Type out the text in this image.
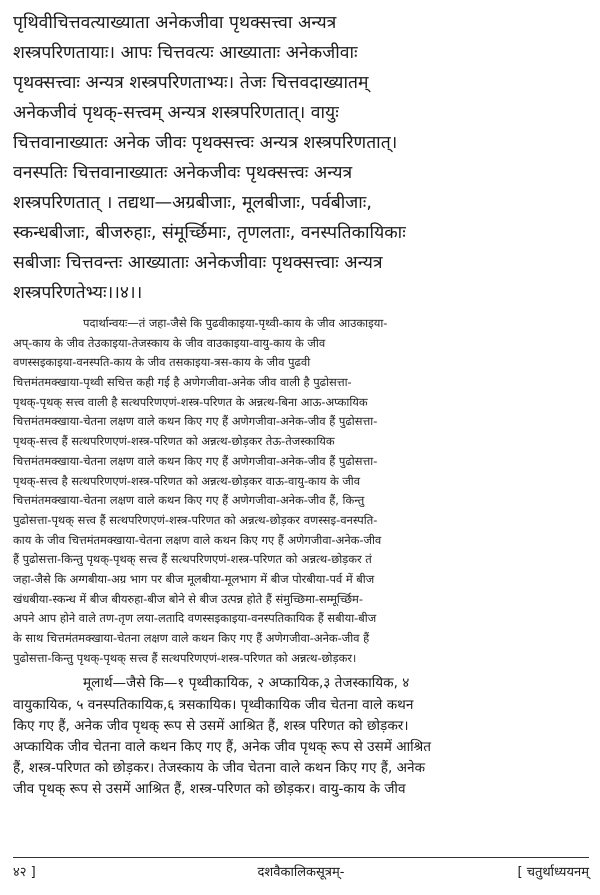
पृथिवीचित्तवत्याख्याता अनेकजीवा पृथक्सत्त्वा अन्यत्र
शस्त्रपरिणतायाः। आपः चित्तवत्यः आख्याताः अनेकजीवाः
पृथक्सत्त्वाः अन्यत्र शस्त्रपरिणताभ्यः। तेजः चित्तवदाख्यातम्
अनेकजीवं पृथक्-सत्त्वम् अन्यत्र शस्त्रपरिणतात्। वायुः
चित्तवानाख्यातः अनेक जीवः पृथक्सत्त्वः अन्यत्र शस्त्रपरिणतात्।
वनस्पतिः चित्तवानाख्यातः अनेकजीवः पृथक्सत्त्वः अन्यत्र
शस्त्रपरिणतात् । तद्यथा—अग्रबीजाः, मूलबीजाः, पर्वबीजाः,
स्कन्धबीजाः, बीजरुहाः, संमूर्च्छिमाः, तृणलताः, वनस्पतिकायिकाः
सबीजाः चित्तवन्तः आख्याताः अनेकजीवाः पृथक्सत्त्वाः अन्यत्र
शस्त्रपरिणतेभ्यः।।४।।
पदार्थान्वयः—तं जहा-जैसे कि पुढवीकाइया-पृथ्वी-काय के जीव आउकाइया-
अप्-काय के जीव तेउकाइया-तेजस्काय के जीव वाउकाइया-वायु-काय के जीव
वणस्सइकाइया-वनस्पति-काय के जीव तसकाइया-त्रस-काय के जीव पुढवी
चित्तमंतमक्खाया-पृथ्वी सचित्त कही गई है अणेगजीवा-अनेक जीव वाली है पुढोसत्ता-
पृथक्-पृथक् सत्त्व वाली है सत्थपरिणएणं-शस्त्र-परिणत के अन्नत्थ-बिना आऊ-अप्कायिक
चित्तमंतमक्खाया-चेतना लक्षण वाले कथन किए गए हैं अणेगजीवा-अनेक-जीव हैं पुढोसत्ता-
पृथक्-सत्त्व हैं सत्थपरिणएणं-शस्त्र-परिणत को अन्नत्थ-छोड़कर तेऊ-तेजस्कायिक
चित्तमंतमक्खाया-चेतना लक्षण वाले कथन किए गए हैं अणेगजीवा-अनेक-जीव हैं पुढोसत्ता-
पृथक्-सत्त्व है सत्थपरिणएणं-शस्त्र-परिणत को अन्नत्थ-छोड़कर वाऊ-वायु-काय के जीव
चित्तमंतमक्खाया-चेतना लक्षण वाले कथन किए गए हैं अणेगजीवा-अनेक-जीव हैं, किन्तु
पुढोसत्ता-पृथक् सत्त्व हैं सत्थपरिणएणं-शस्त्र-परिणत को अन्नत्थ-छोड़कर वणस्सइ-वनस्पति-
काय के जीव चित्तमंतमक्खाया-चेतना लक्षण वाले कथन किए गए हैं अणेगजीवा-अनेक-जीव
हैं पुढोसत्ता-किन्तु पृथक्-पृथक् सत्त्व हैं सत्थपरिणएणं-शस्त्र-परिणत को अन्नत्थ-छोड़कर तं
जहा-जैसे कि अग्गबीया-अग्र भाग पर बीज मूलबीया-मूलभाग में बीज पोरबीया-पर्व में बीज
खंधबीया-स्कन्ध में बीज बीयरुहा-बीज बोने से बीज उत्पन्न होते हैं संमुच्छिमा-सम्मूर्च्छिम-
अपने आप होने वाले तण-तृण लया-लतादि वणस्सइकाइया-वनस्पतिकायिक हैं सबीया-बीज
के साथ चित्तमंतमक्खाया-चेतना लक्षण वाले कथन किए गए हैं अणेगजीवा-अनेक-जीव हैं
पुढोसत्ता-किन्तु पृथक्-पृथक् सत्त्व हैं सत्थपरिणएणं-शस्त्र-परिणत को अन्नत्थ-छोड़कर।
मूलार्थ—जैसे कि—१ पृथ्वीकायिक, २ अप्कायिक,३ तेजस्कायिक, ४
वायुकायिक, ५ वनस्पतिकायिक,६ त्रसकायिक। पृथ्वीकायिक जीव चेतना वाले कथन
किए गए हैं, अनेक जीव पृथक् रूप से उसमें आश्रित हैं, शस्त्र परिणत को छोड़कर।
अप्कायिक जीव चेतना वाले कथन किए गए हैं, अनेक जीव पृथक् रूप से उसमें आश्रित
हैं, शस्त्र-परिणत को छोड़कर। तेजस्काय के जीव चेतना वाले कथन किए गए हैं, अनेक
जीव पृथक् रूप से उसमें आश्रित हैं, शस्त्र-परिणत को छोड़कर। वायु-काय के जीव
४२ ]	दशवैकालिकसूत्रम्-	[ चतुर्थाध्ययनम्
